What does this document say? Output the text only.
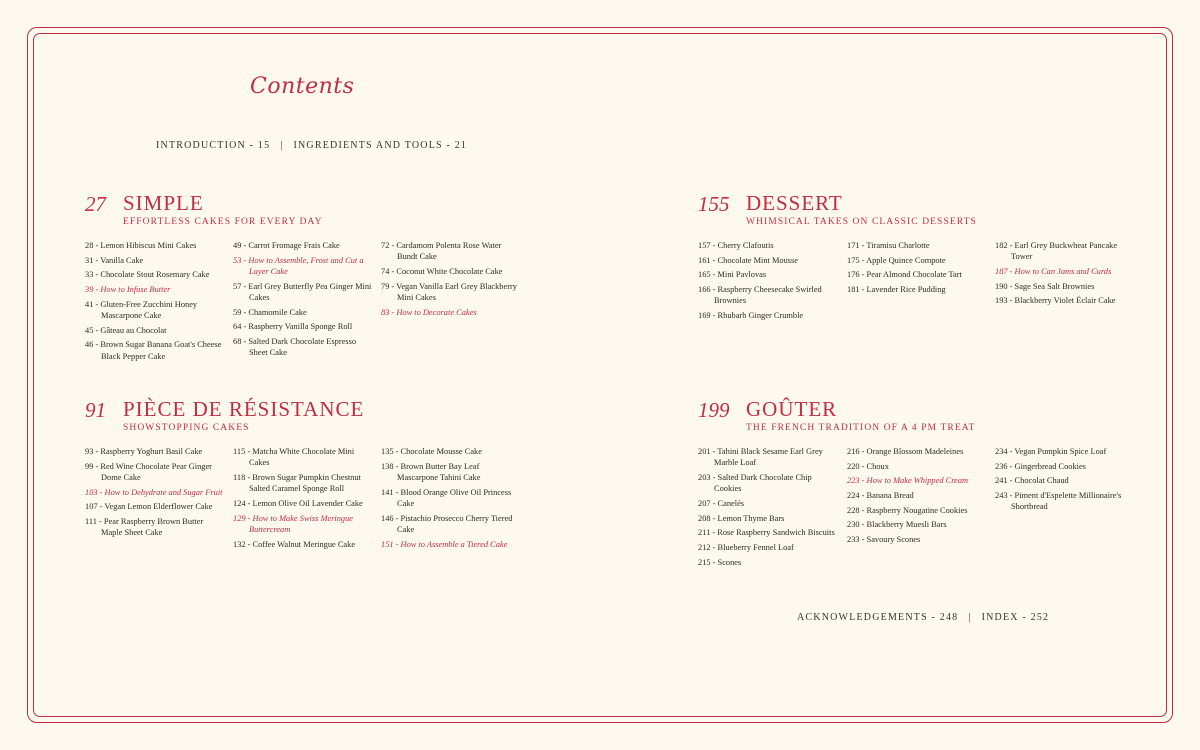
Contents
INTRODUCTION - 15 | INGREDIENTS AND TOOLS - 21
27 SIMPLE
EFFORTLESS CAKES FOR EVERY DAY
28 - Lemon Hibiscus Mini Cakes
31 - Vanilla Cake
33 - Chocolate Stout Rosemary Cake
39 - How to Infuse Butter
41 - Gluten-Free Zucchini Honey Mascarpone Cake
45 - Gâteau au Chocolat
46 - Brown Sugar Banana Goat's Cheese Black Pepper Cake
49 - Carrot Fromage Frais Cake
53 - How to Assemble, Frost and Cut a Layer Cake
57 - Earl Grey Butterfly Pea Ginger Mini Cakes
59 - Chamomile Cake
64 - Raspberry Vanilla Sponge Roll
68 - Salted Dark Chocolate Espresso Sheet Cake
72 - Cardamom Polenta Rose Water Bundt Cake
74 - Coconut White Chocolate Cake
79 - Vegan Vanilla Earl Grey Blackberry Mini Cakes
83 - How to Decorate Cakes
155 DESSERT
WHIMSICAL TAKES ON CLASSIC DESSERTS
157 - Cherry Clafoutis
161 - Chocolate Mint Mousse
165 - Mini Pavlovas
166 - Raspberry Cheesecake Swirled Brownies
169 - Rhubarb Ginger Crumble
171 - Tiramisu Charlotte
175 - Apple Quince Compote
176 - Pear Almond Chocolate Tart
181 - Lavender Rice Pudding
182 - Earl Grey Buckwheat Pancake Tower
187 - How to Can Jams and Curds
190 - Sage Sea Salt Brownies
193 - Blackberry Violet Éclair Cake
91 PIÈCE DE RÉSISTANCE
SHOWSTOPPING CAKES
93 - Raspberry Yoghurt Basil Cake
99 - Red Wine Chocolate Pear Ginger Dome Cake
103 - How to Dehydrate and Sugar Fruit
107 - Vegan Lemon Elderflower Cake
111 - Pear Raspberry Brown Butter Maple Sheet Cake
115 - Matcha White Chocolate Mini Cakes
118 - Brown Sugar Pumpkin Chestnut Salted Caramel Sponge Roll
124 - Lemon Olive Oil Lavender Cake
129 - How to Make Swiss Meringue Buttercream
132 - Coffee Walnut Meringue Cake
135 - Chocolate Mousse Cake
138 - Brown Butter Bay Leaf Mascarpone Tahini Cake
141 - Blood Orange Olive Oil Princess Cake
146 - Pistachio Prosecco Cherry Tiered Cake
151 - How to Assemble a Tiered Cake
199 GOÛTER
THE FRENCH TRADITION OF A 4 PM TREAT
201 - Tahini Black Sesame Earl Grey Marble Loaf
203 - Salted Dark Chocolate Chip Cookies
207 - Canelés
208 - Lemon Thyme Bars
211 - Rose Raspberry Sandwich Biscuits
212 - Blueberry Fennel Loaf
215 - Scones
216 - Orange Blossom Madeleines
220 - Choux
223 - How to Make Whipped Cream
224 - Banana Bread
228 - Raspberry Nougatine Cookies
230 - Blackberry Muesli Bars
233 - Savoury Scones
234 - Vegan Pumpkin Spice Loaf
236 - Gingerbread Cookies
241 - Chocolat Chaud
243 - Piment d'Espelette Millionaire's Shortbread
ACKNOWLEDGEMENTS - 248 | INDEX - 252
